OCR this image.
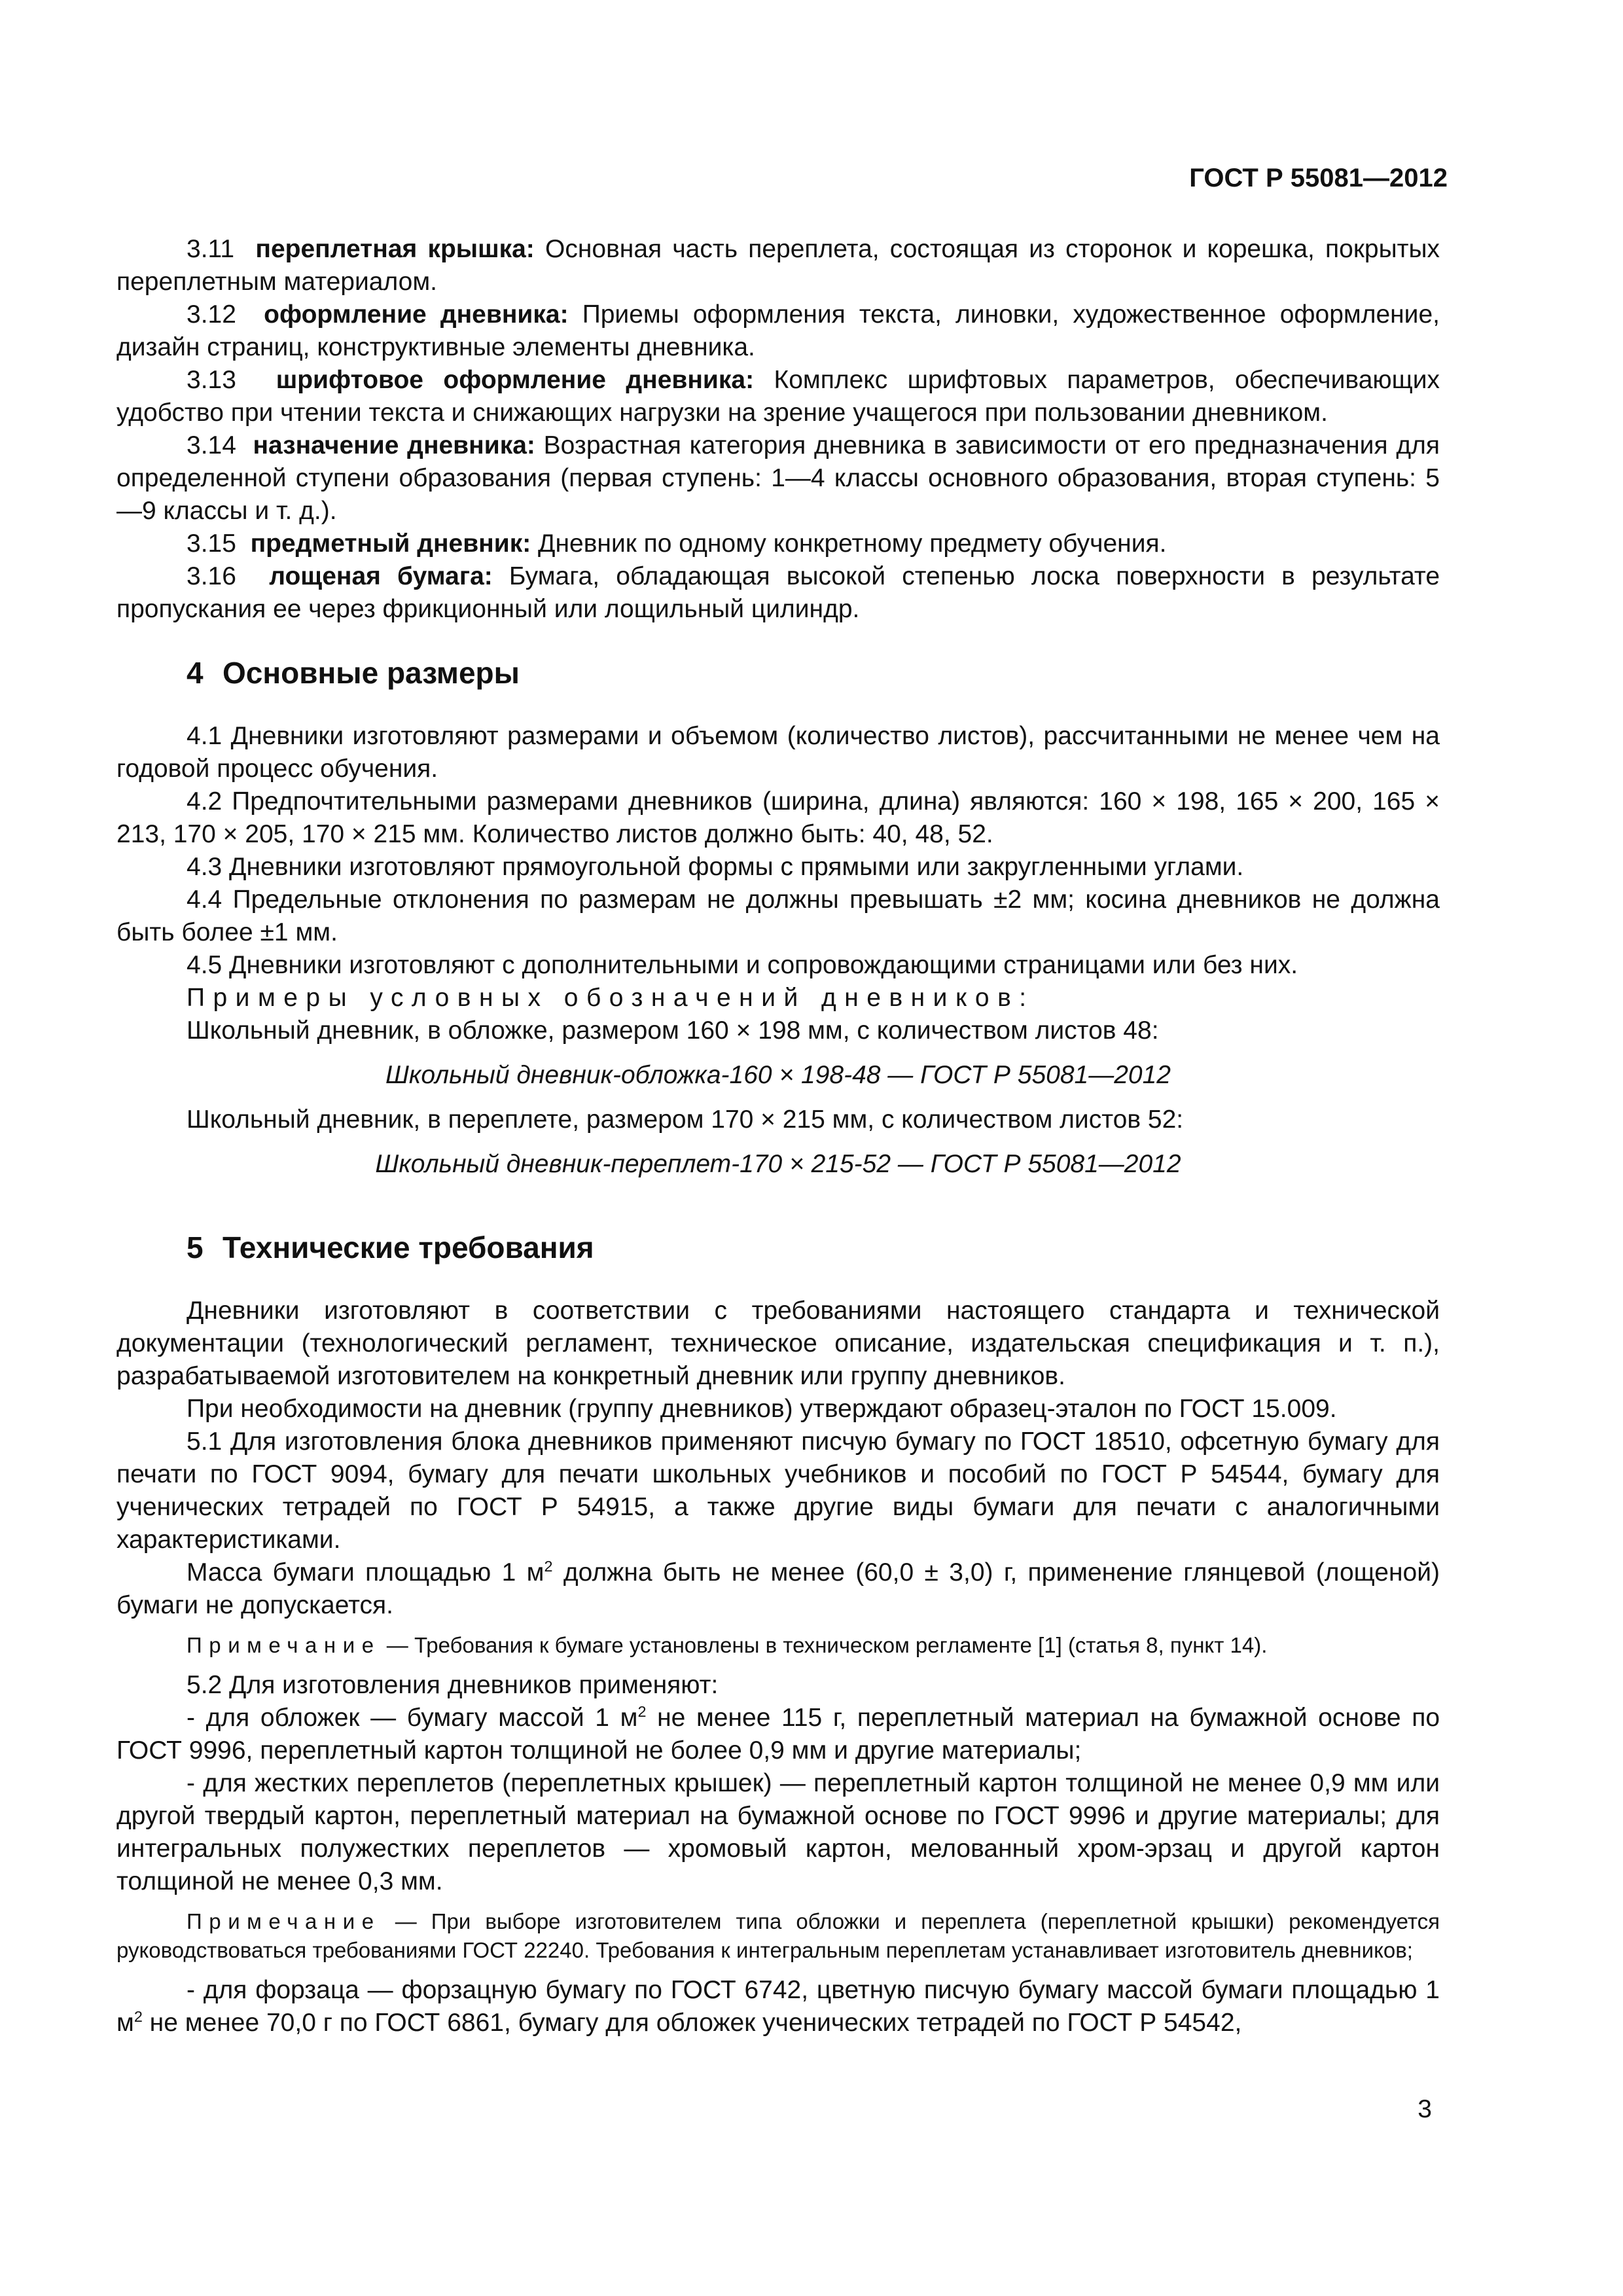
ГОСТ Р 55081—2012

3.11 переплетная крышка: Основная часть переплета, состоящая из сторонок и корешка, покрытых переплетным материалом.

3.12 оформление дневника: Приемы оформления текста, линовки, художественное оформление, дизайн страниц, конструктивные элементы дневника.

3.13 шрифтовое оформление дневника: Комплекс шрифтовых параметров, обеспечивающих удобство при чтении текста и снижающих нагрузки на зрение учащегося при пользовании дневником.

3.14 назначение дневника: Возрастная категория дневника в зависимости от его предназначения для определенной ступени образования (первая ступень: 1—4 классы основного образования, вторая ступень: 5—9 классы и т. д.).

3.15 предметный дневник: Дневник по одному конкретному предмету обучения.

3.16 лощеная бумага: Бумага, обладающая высокой степенью лоска поверхности в результате пропускания ее через фрикционный или лощильный цилиндр.

4 Основные размеры

4.1 Дневники изготовляют размерами и объемом (количество листов), рассчитанными не менее чем на годовой процесс обучения.

4.2 Предпочтительными размерами дневников (ширина, длина) являются: 160 × 198, 165 × 200, 165 × 213, 170 × 205, 170 × 215 мм. Количество листов должно быть: 40, 48, 52.

4.3 Дневники изготовляют прямоугольной формы с прямыми или закругленными углами.

4.4 Предельные отклонения по размерам не должны превышать ±2 мм; косина дневников не должна быть более ±1 мм.

4.5 Дневники изготовляют с дополнительными и сопровождающими страницами или без них.

Примеры условных обозначений дневников:

Школьный дневник, в обложке, размером 160 × 198 мм, с количеством листов 48:

Школьный дневник-обложка-160 × 198-48 — ГОСТ Р 55081—2012

Школьный дневник, в переплете, размером 170 × 215 мм, с количеством листов 52:

Школьный дневник-переплет-170 × 215-52 — ГОСТ Р 55081—2012

5 Технические требования

Дневники изготовляют в соответствии с требованиями настоящего стандарта и технической документации (технологический регламент, техническое описание, издательская спецификация и т. п.), разрабатываемой изготовителем на конкретный дневник или группу дневников.

При необходимости на дневник (группу дневников) утверждают образец-эталон по ГОСТ 15.009.

5.1 Для изготовления блока дневников применяют писчую бумагу по ГОСТ 18510, офсетную бумагу для печати по ГОСТ 9094, бумагу для печати школьных учебников и пособий по ГОСТ Р 54544, бумагу для ученических тетрадей по ГОСТ Р 54915, а также другие виды бумаги для печати с аналогичными характеристиками.

Масса бумаги площадью 1 $м^2$ должна быть не менее (60,0 ± 3,0) г, применение глянцевой (лощеной) бумаги не допускается.

Примечание — Требования к бумаге установлены в техническом регламенте [1] (статья 8, пункт 14).

5.2 Для изготовления дневников применяют:

- для обложек — бумагу массой 1 $м^2$ не менее 115 г, переплетный материал на бумажной основе по ГОСТ 9996, переплетный картон толщиной не более 0,9 мм и другие материалы;

- для жестких переплетов (переплетных крышек) — переплетный картон толщиной не менее 0,9 мм или другой твердый картон, переплетный материал на бумажной основе по ГОСТ 9996 и другие материалы; для интегральных полужестких переплетов — хромовый картон, мелованный хром-эрзац и другой картон толщиной не менее 0,3 мм.

Примечание — При выборе изготовителем типа обложки и переплета (переплетной крышки) рекомендуется руководствоваться требованиями ГОСТ 22240. Требования к интегральным переплетам устанавливает изготовитель дневников;

- для форзаца — форзацную бумагу по ГОСТ 6742, цветную писчую бумагу массой бумаги площадью 1 $м^2$ не менее 70,0 г по ГОСТ 6861, бумагу для обложек ученических тетрадей по ГОСТ Р 54542,

3
